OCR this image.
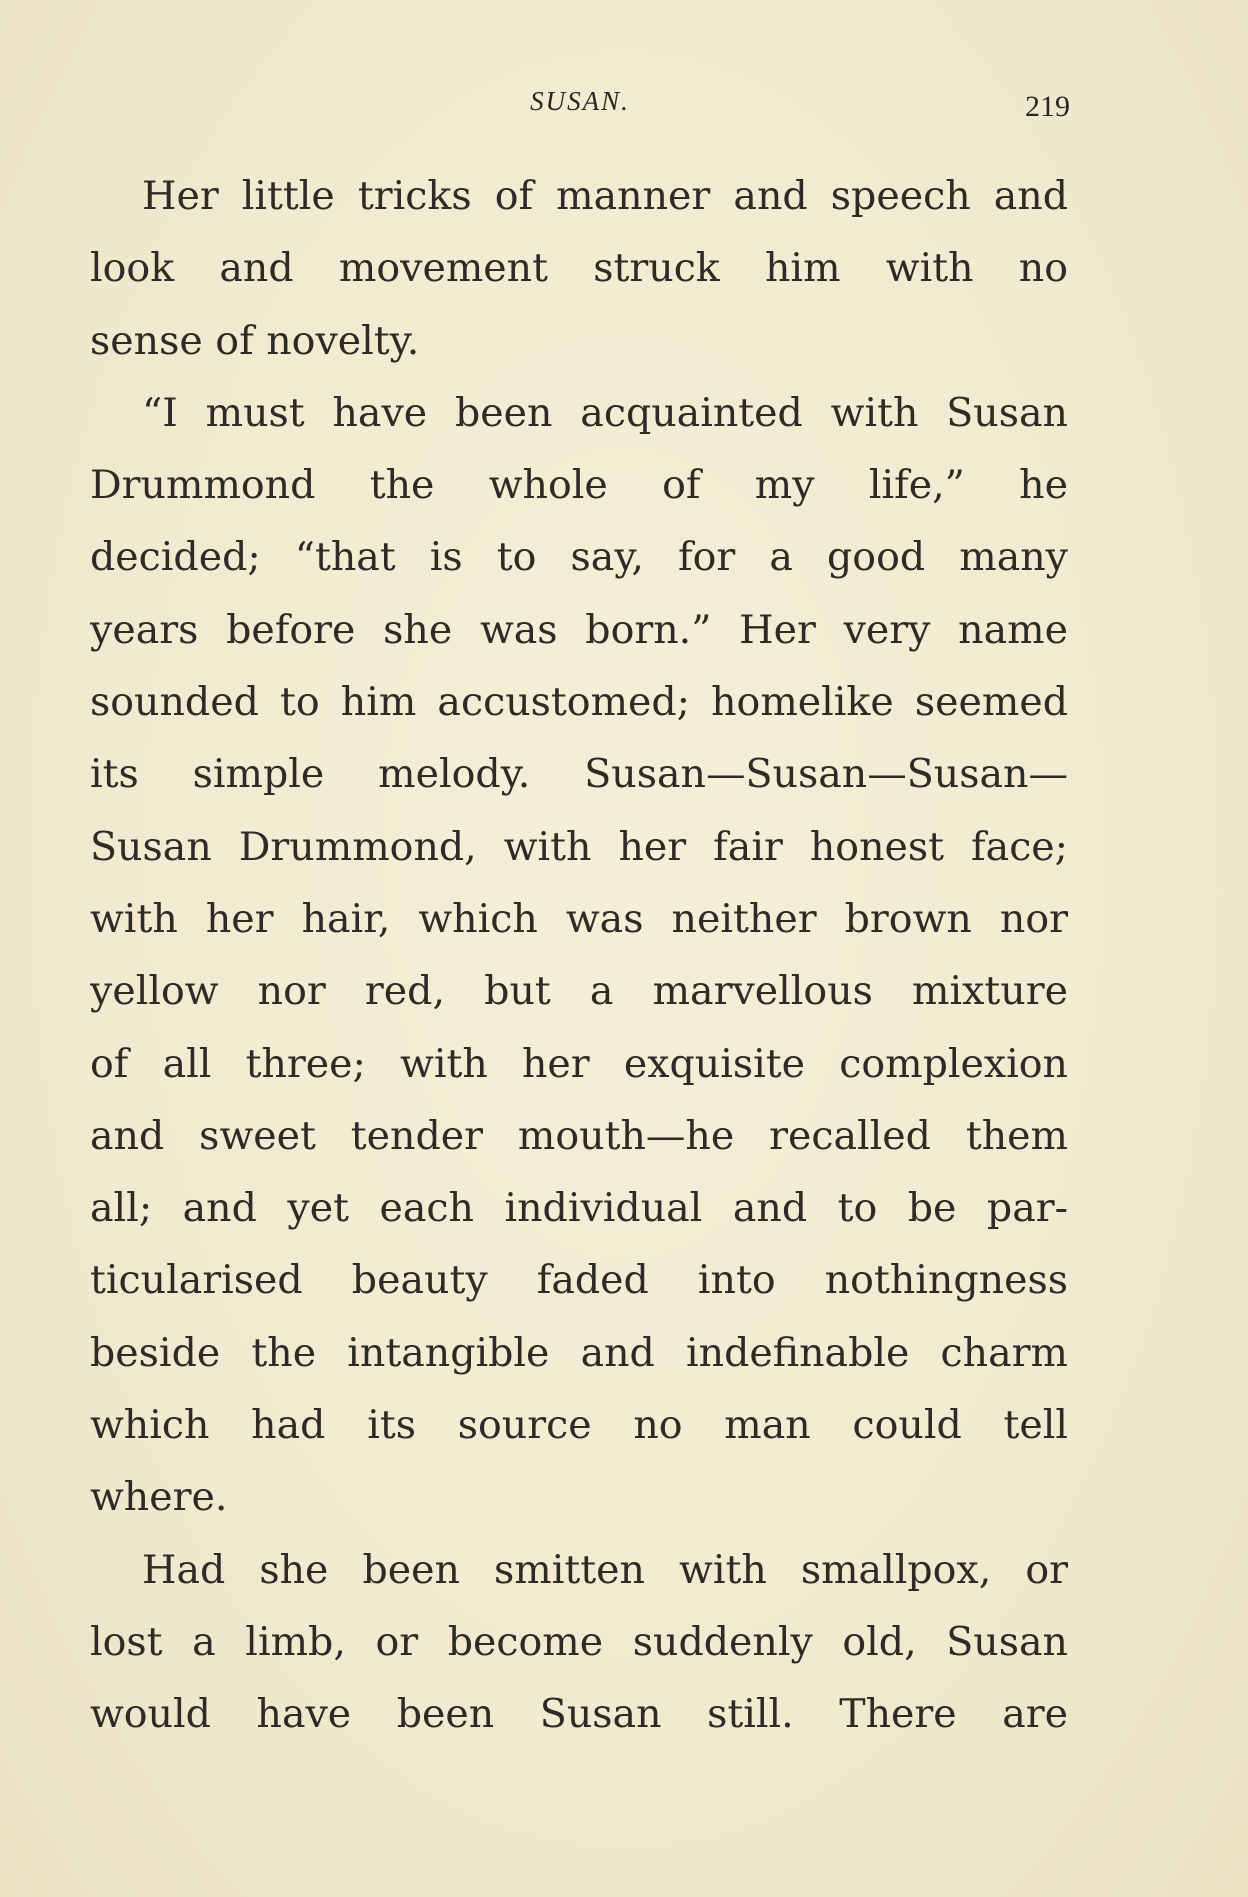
SUSAN.	219
Her little tricks of manner and speech and
look and movement struck him with no
sense of novelty.
“I must have been acquainted with Susan
Drummond the whole of my life,” he
decided; “that is to say, for a good many
years before she was born.” Her very name
sounded to him accustomed; homelike seemed
its simple melody. Susan—Susan—Susan—
Susan Drummond, with her fair honest face;
with her hair, which was neither brown nor
yellow nor red, but a marvellous mixture
of all three; with her exquisite complexion
and sweet tender mouth—he recalled them
all; and yet each individual and to be par-
ticularised beauty faded into nothingness
beside the intangible and indefinable charm
which had its source no man could tell
where.
Had she been smitten with smallpox, or
lost a limb, or become suddenly old, Susan
would have been Susan still. There are
